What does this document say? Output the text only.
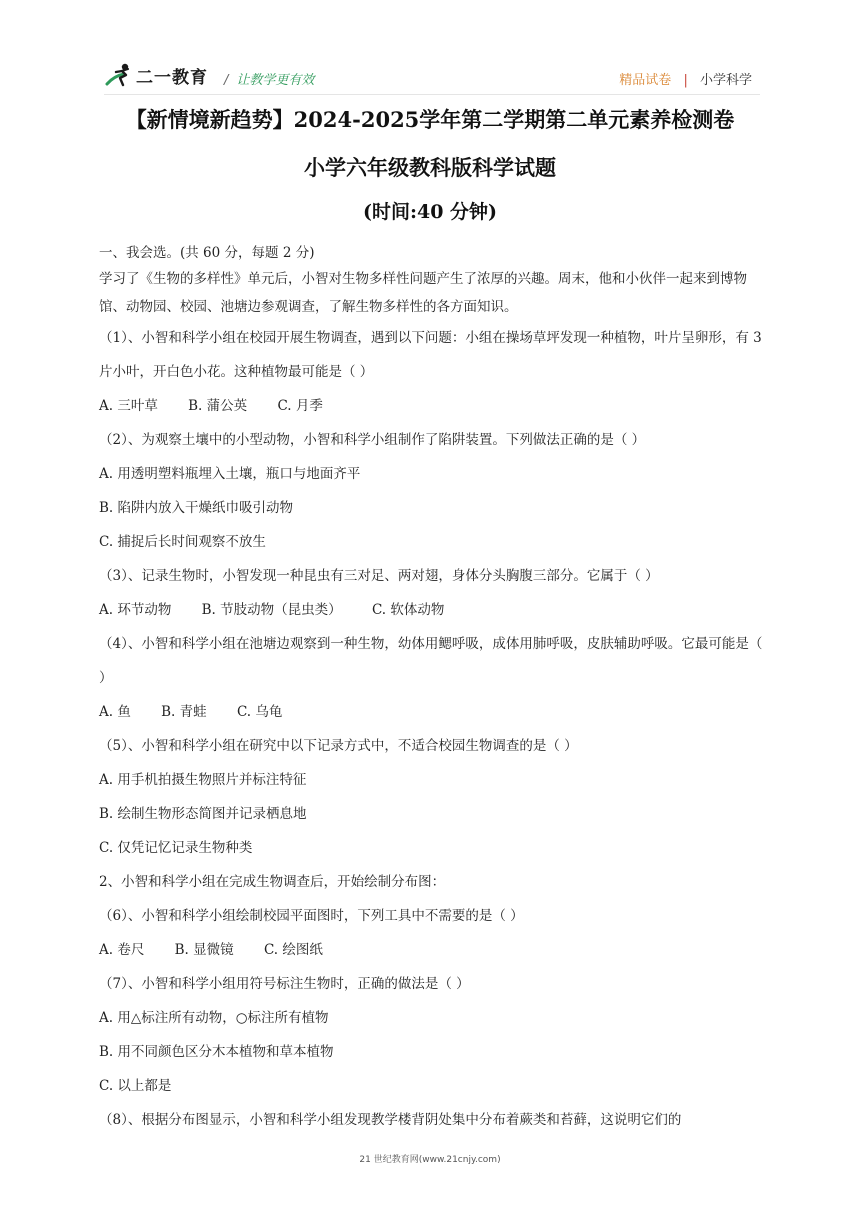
二一教育 / 让教学更有效	精品试卷 | 小学科学
【新情境新趋势】2024-2025学年第二学期第二单元素养检测卷
小学六年级教科版科学试题
(时间:40 分钟)
一、我会选。(共 60 分，每题 2 分)
学习了《生物的多样性》单元后，小智对生物多样性问题产生了浓厚的兴趣。周末，他和小伙伴一起来到博物馆、动物园、校园、池塘边参观调查，了解生物多样性的各方面知识。
（1）、小智和科学小组在校园开展生物调查，遇到以下问题：小组在操场草坪发现一种植物，叶片呈卵形，有 3 片小叶，开白色小花。这种植物最可能是（ ）
A. 三叶草 B. 蒲公英 C. 月季
（2）、为观察土壤中的小型动物，小智和科学小组制作了陷阱装置。下列做法正确的是（ ）
A. 用透明塑料瓶埋入土壤，瓶口与地面齐平
B. 陷阱内放入干燥纸巾吸引动物
C. 捕捉后长时间观察不放生
（3）、记录生物时，小智发现一种昆虫有三对足、两对翅，身体分头胸腹三部分。它属于（ ）
A. 环节动物 B. 节肢动物（昆虫类） C. 软体动物
（4）、小智和科学小组在池塘边观察到一种生物，幼体用鳃呼吸，成体用肺呼吸，皮肤辅助呼吸。它最可能是（ ）
A. 鱼 B. 青蛙 C. 乌龟
（5）、小智和科学小组在研究中以下记录方式中，不适合校园生物调查的是（ ）
A. 用手机拍摄生物照片并标注特征
B. 绘制生物形态简图并记录栖息地
C. 仅凭记忆记录生物种类
2、小智和科学小组在完成生物调查后，开始绘制分布图：
（6）、小智和科学小组绘制校园平面图时，下列工具中不需要的是（ ）
A. 卷尺 B. 显微镜 C. 绘图纸
（7）、小智和科学小组用符号标注生物时，正确的做法是（ ）
A. 用△标注所有动物，○标注所有植物
B. 用不同颜色区分木本植物和草本植物
C. 以上都是
（8）、根据分布图显示，小智和科学小组发现教学楼背阴处集中分布着蕨类和苔藓，这说明它们的
21 世纪教育网(www.21cnjy.com)
